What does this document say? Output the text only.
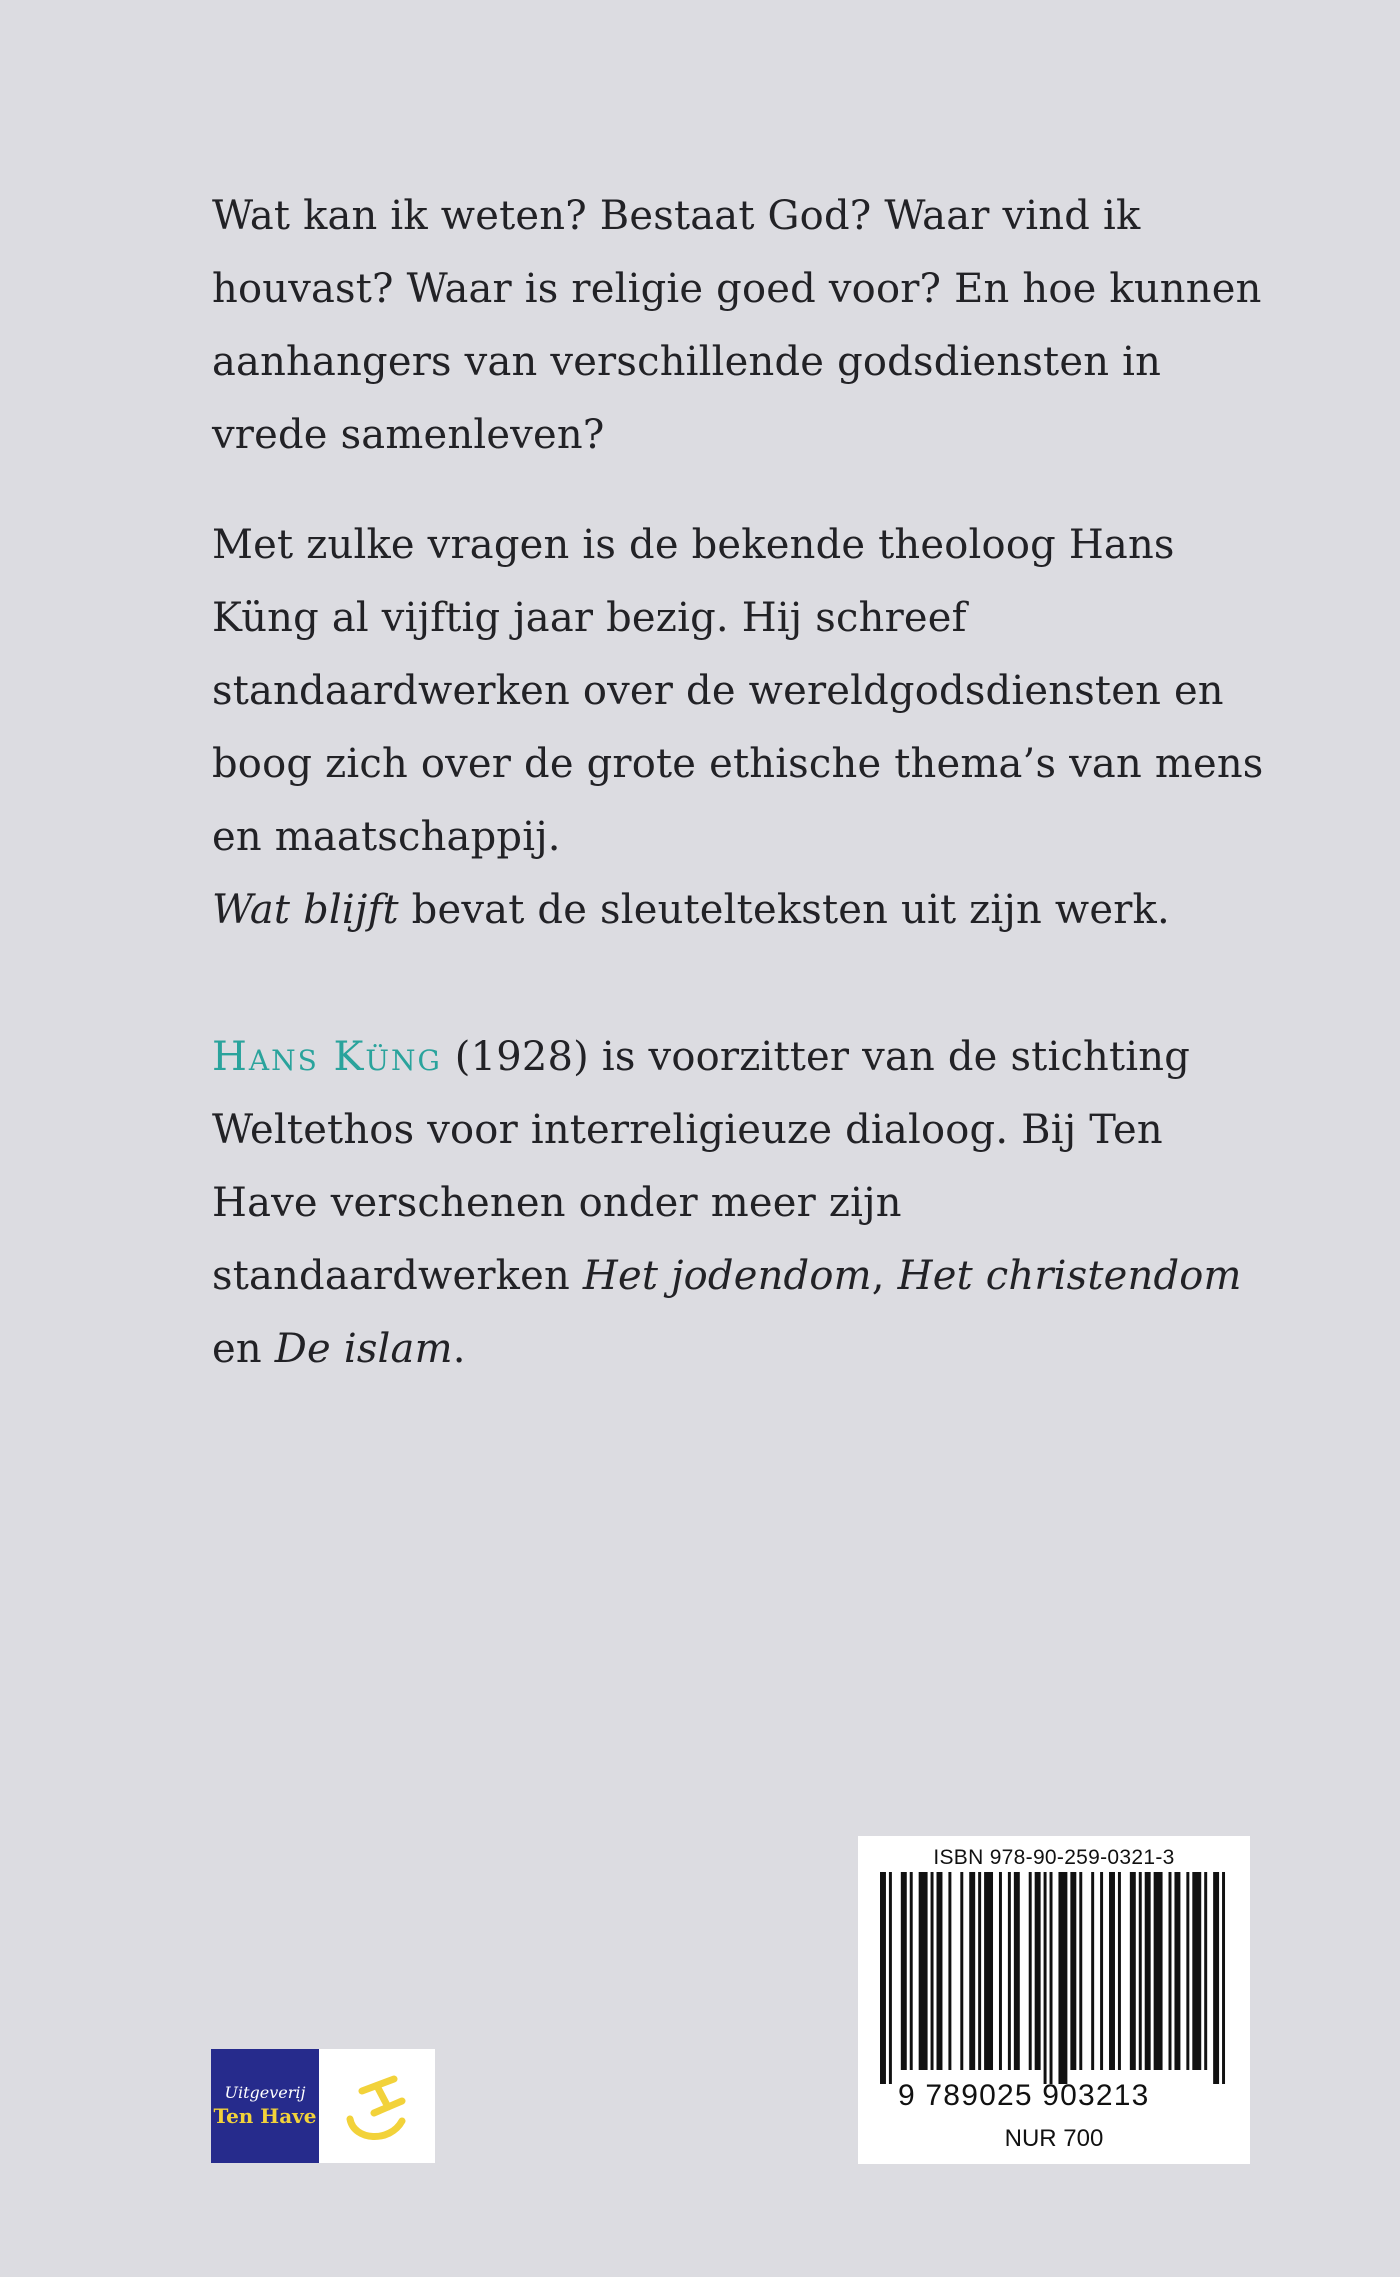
Wat kan ik weten? Bestaat God? Waar vind ik houvast? Waar is religie goed voor? En hoe kunnen aanhangers van verschillende godsdiensten in vrede samenleven?

Met zulke vragen is de bekende theoloog Hans Küng al vijftig jaar bezig. Hij schreef standaardwerken over de wereldgodsdiensten en boog zich over de grote ethische thema’s van mens en maatschappij.
Wat blijft bevat de sleutelteksten uit zijn werk.

Hans Küng (1928) is voorzitter van de stichting Weltethos voor interreligieuze dialoog. Bij Ten Have verschenen onder meer zijn standaardwerken Het jodendom, Het christendom en De islam.

Uitgeverij
Ten Have
ISBN 978-90-259-0321-3
9 789025 903213
NUR 700
